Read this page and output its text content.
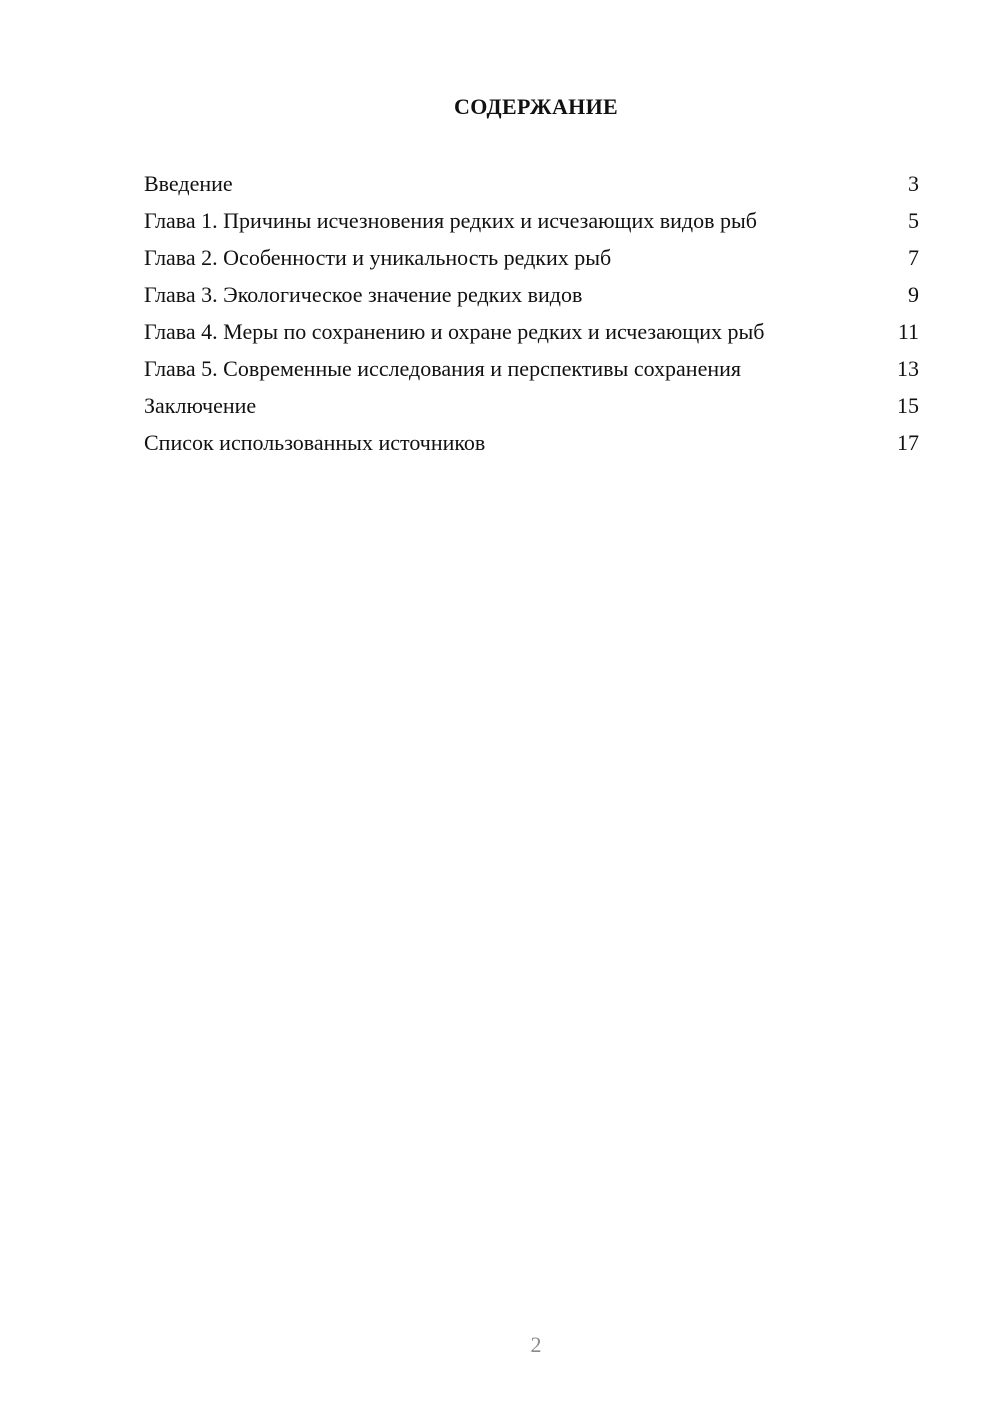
СОДЕРЖАНИЕ
Введение	3
Глава 1. Причины исчезновения редких и исчезающих видов рыб	5
Глава 2. Особенности и уникальность редких рыб	7
Глава 3. Экологическое значение редких видов	9
Глава 4. Меры по сохранению и охране редких и исчезающих рыб	11
Глава 5. Современные исследования и перспективы сохранения	13
Заключение	15
Список использованных источников	17
2
